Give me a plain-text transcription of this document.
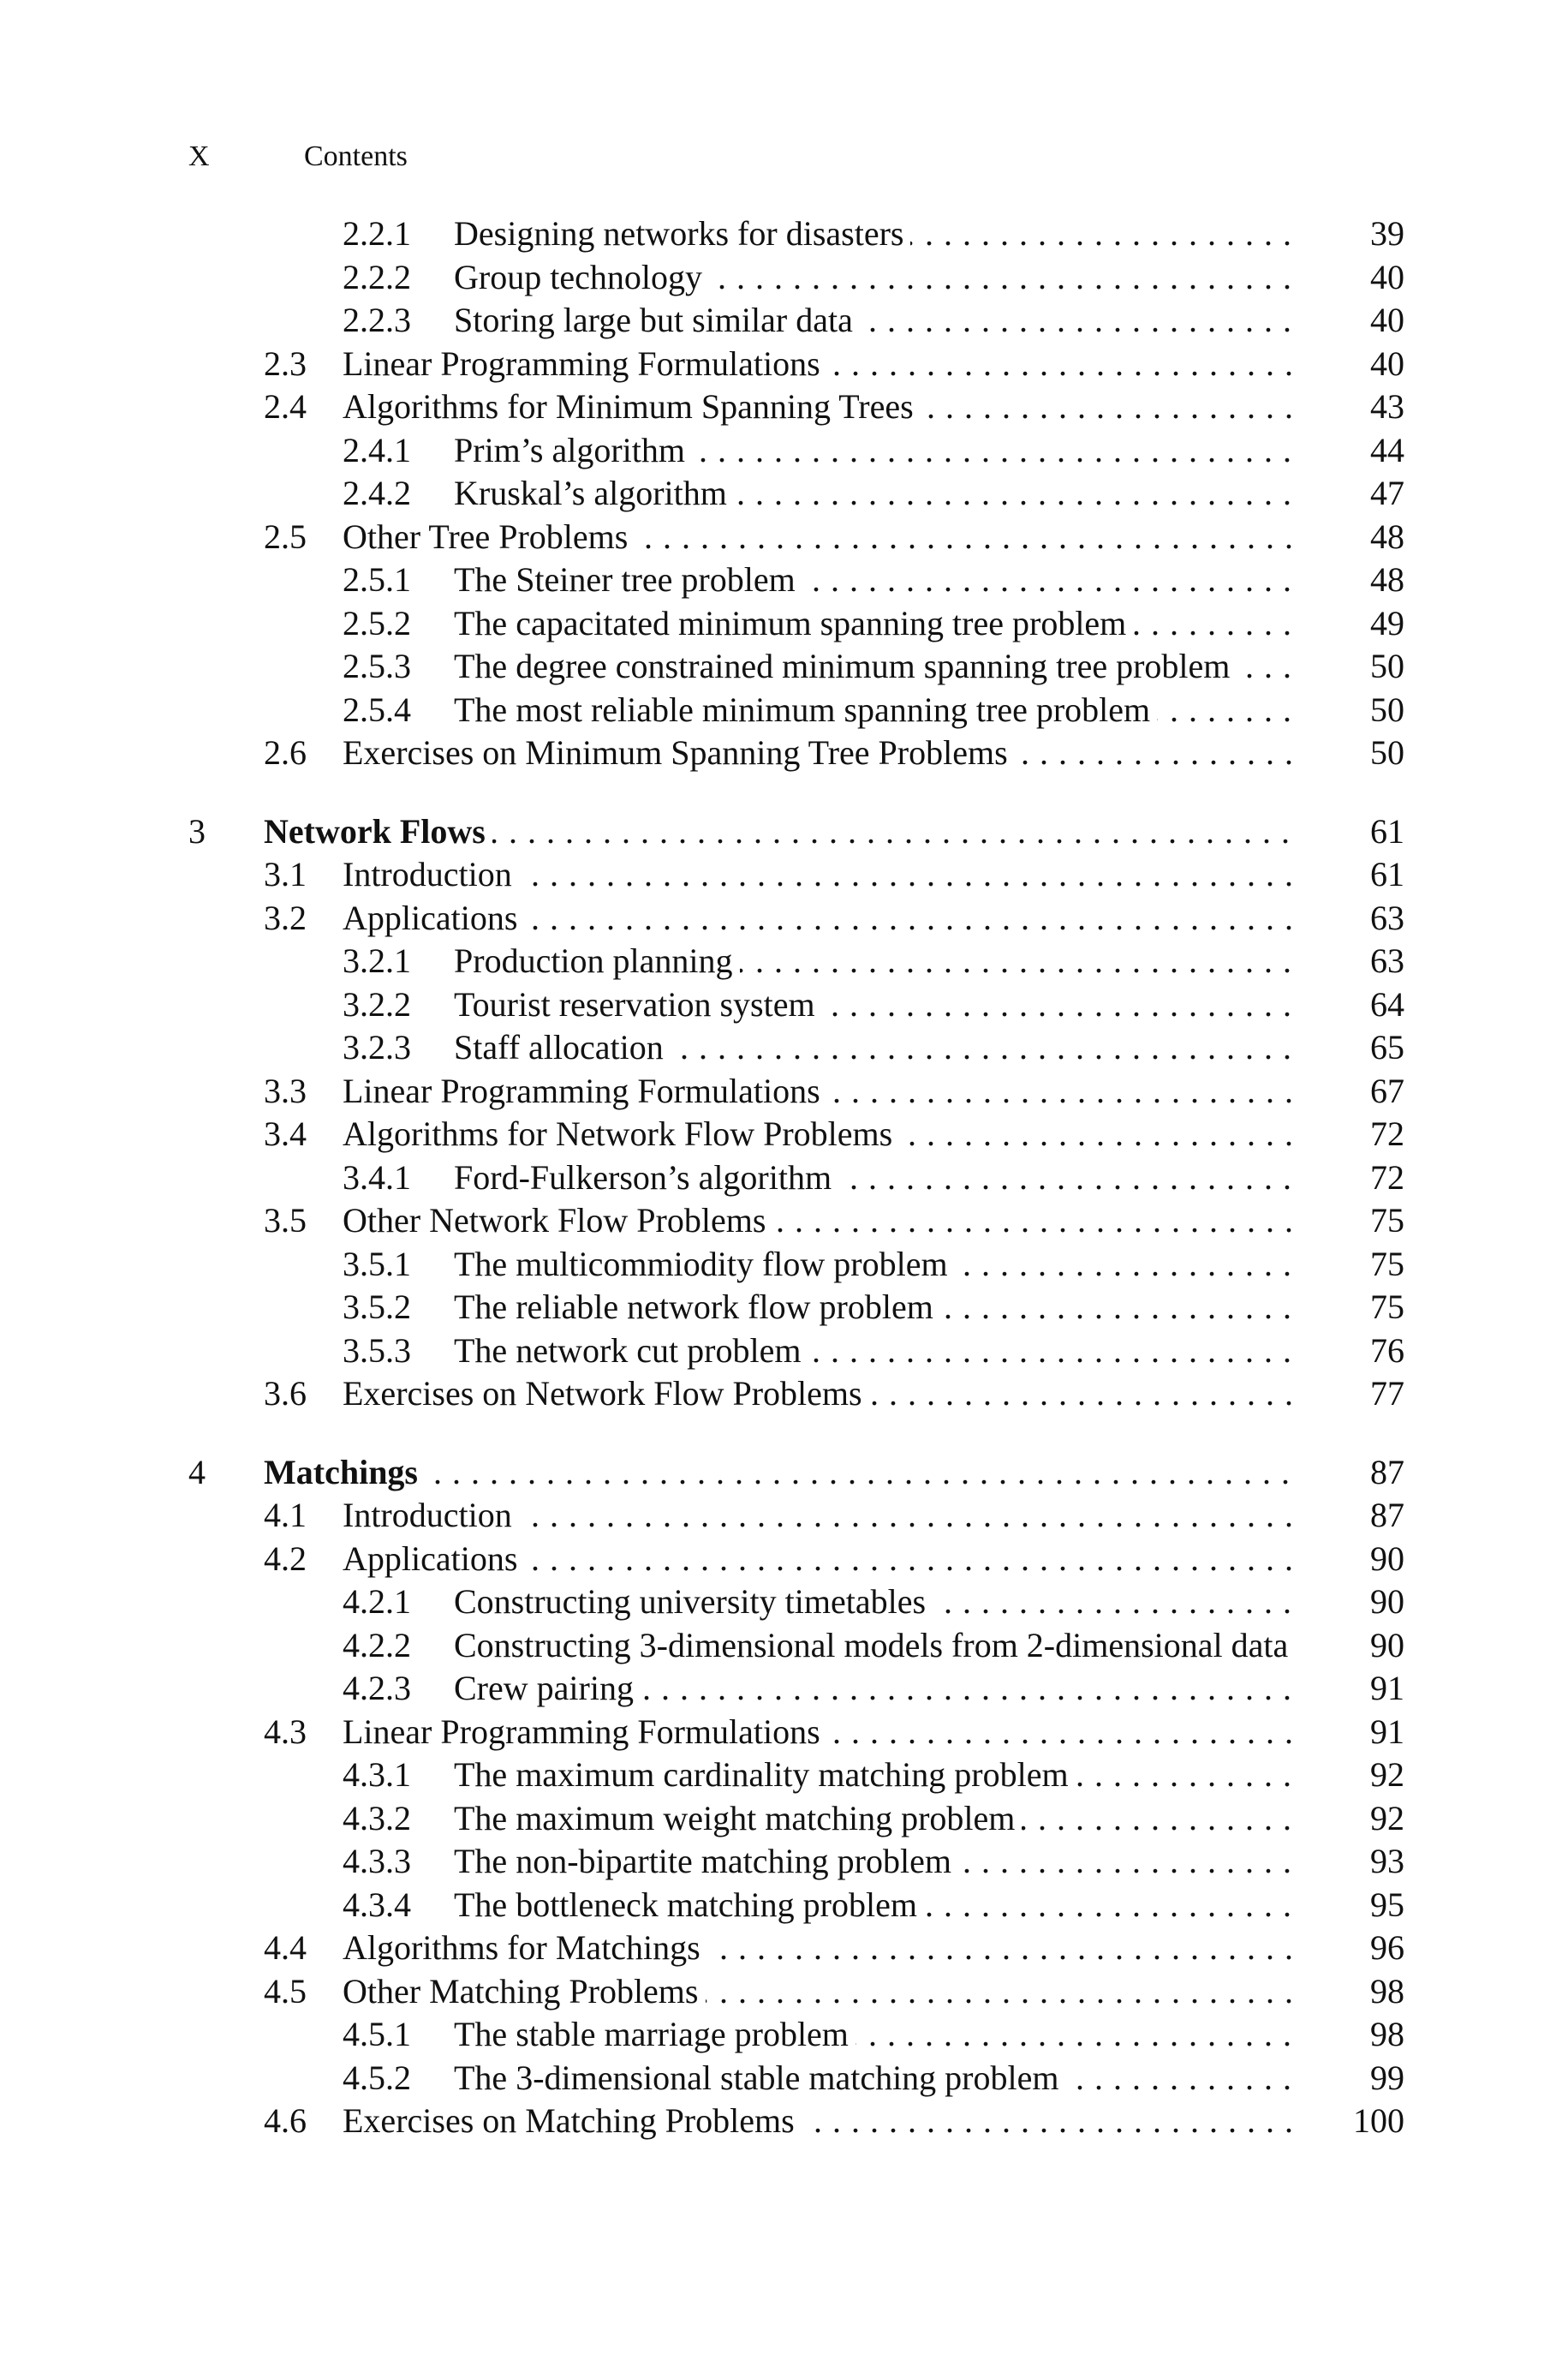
X	Contents
2.2.1 Designing networks for disasters . . .	39
2.2.2 Group technology . . .	40
2.2.3 Storing large but similar data . . .	40
2.3 Linear Programming Formulations . . .	40
2.4 Algorithms for Minimum Spanning Trees . . .	43
2.4.1 Prim’s algorithm . . .	44
2.4.2 Kruskal’s algorithm . . .	47
2.5 Other Tree Problems . . .	48
2.5.1 The Steiner tree problem . . .	48
2.5.2 The capacitated minimum spanning tree problem . . .	49
2.5.3 The degree constrained minimum spanning tree problem . . .	50
2.5.4 The most reliable minimum spanning tree problem . . .	50
2.6 Exercises on Minimum Spanning Tree Problems . . .	50
3 Network Flows . . .	61
3.1 Introduction . . .	61
3.2 Applications . . .	63
3.2.1 Production planning . . .	63
3.2.2 Tourist reservation system . . .	64
3.2.3 Staff allocation . . .	65
3.3 Linear Programming Formulations . . .	67
3.4 Algorithms for Network Flow Problems . . .	72
3.4.1 Ford-Fulkerson’s algorithm . . .	72
3.5 Other Network Flow Problems . . .	75
3.5.1 The multicommiodity flow problem . . .	75
3.5.2 The reliable network flow problem . . .	75
3.5.3 The network cut problem . . .	76
3.6 Exercises on Network Flow Problems . . .	77
4 Matchings . . .	87
4.1 Introduction . . .	87
4.2 Applications . . .	90
4.2.1 Constructing university timetables . . .	90
4.2.2 Constructing 3-dimensional models from 2-dimensional data	90
4.2.3 Crew pairing . . .	91
4.3 Linear Programming Formulations . . .	91
4.3.1 The maximum cardinality matching problem . . .	92
4.3.2 The maximum weight matching problem . . .	92
4.3.3 The non-bipartite matching problem . . .	93
4.3.4 The bottleneck matching problem . . .	95
4.4 Algorithms for Matchings . . .	96
4.5 Other Matching Problems . . .	98
4.5.1 The stable marriage problem . . .	98
4.5.2 The 3-dimensional stable matching problem . . .	99
4.6 Exercises on Matching Problems . . .	100
